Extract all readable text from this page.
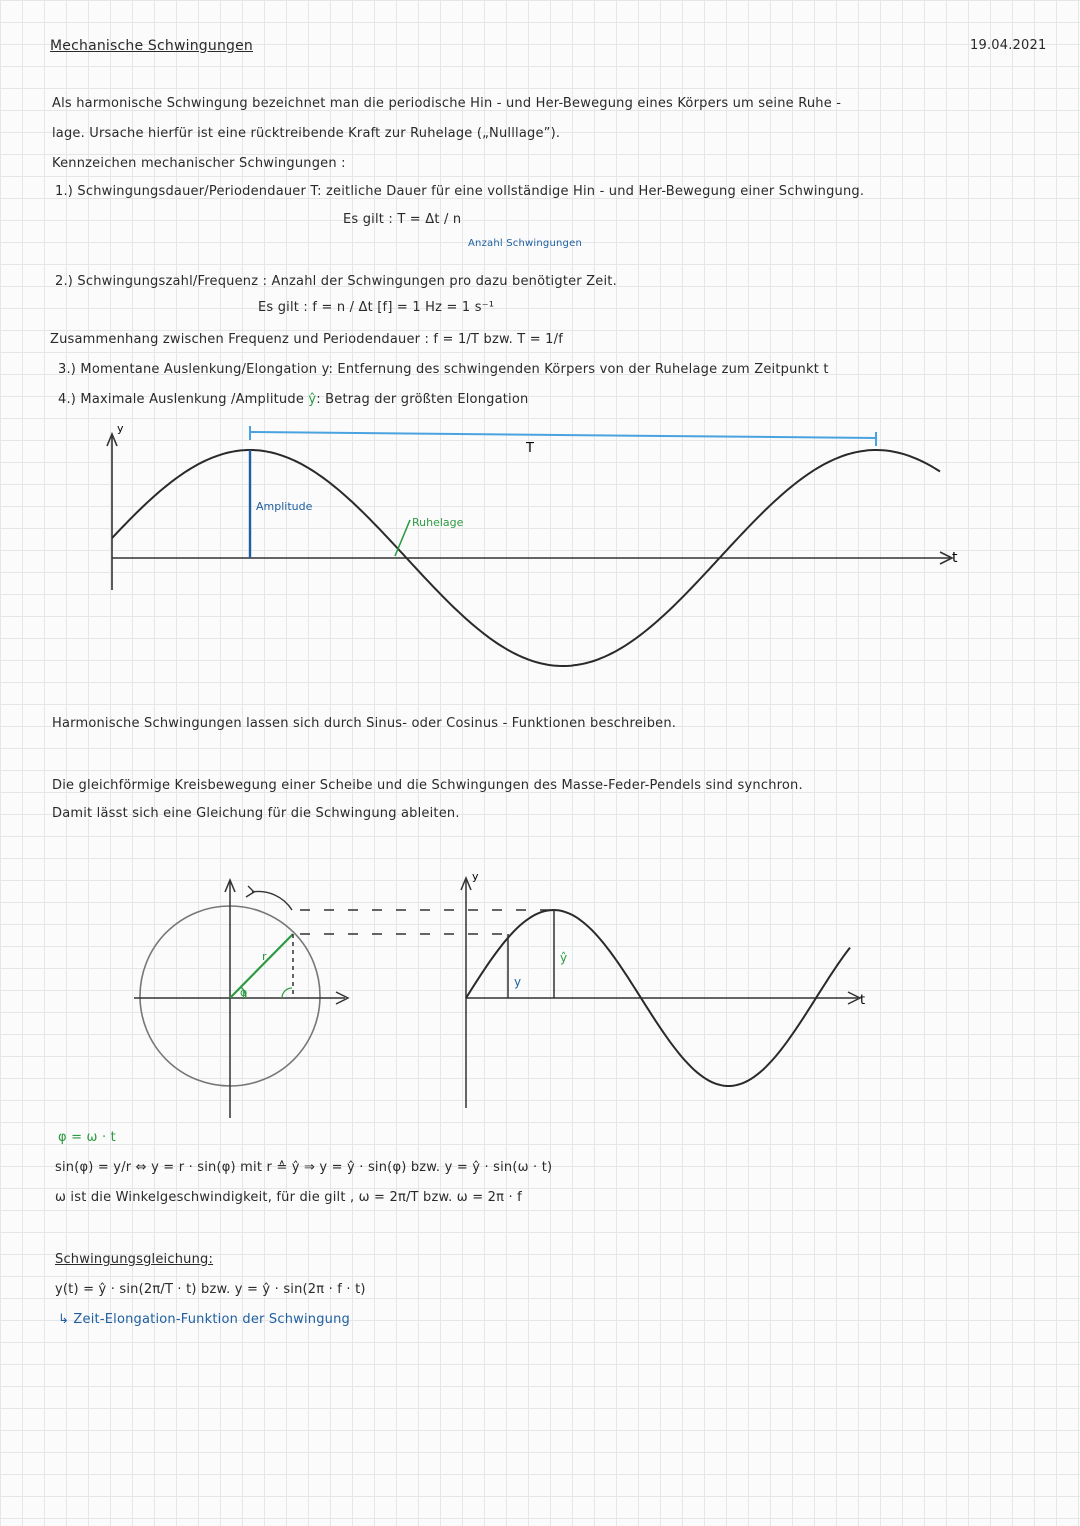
Mechanische Schwingungen	19.04.2021
Als harmonische Schwingung bezeichnet man die periodische Hin - und Her-Bewegung eines Körpers um seine Ruhe -
lage. Ursache hierfür ist eine rücktreibende Kraft zur Ruhelage („Nulllage”).
Kennzeichen mechanischer Schwingungen :
1.) Schwingungsdauer/Periodendauer T: zeitliche Dauer für eine vollständige Hin - und Her-Bewegung einer Schwingung.
Es gilt : T = Δt / n
Anzahl Schwingungen
2.) Schwingungszahl/Frequenz : Anzahl der Schwingungen pro dazu benötigter Zeit.
Es gilt : f = n / Δt [f] = 1 Hz = 1 s⁻¹
Zusammenhang zwischen Frequenz und Periodendauer : f = 1/T bzw. T = 1/f
3.) Momentane Auslenkung/Elongation y: Entfernung des schwingenden Körpers von der Ruhelage zum Zeitpunkt t
4.) Maximale Auslenkung /Amplitude ŷ: Betrag der größten Elongation
y
t
T
Amplitude
Ruhelage
r
φ
y
t
y
ŷ
Harmonische Schwingungen lassen sich durch Sinus- oder Cosinus - Funktionen beschreiben.
Die gleichförmige Kreisbewegung einer Scheibe und die Schwingungen des Masse-Feder-Pendels sind synchron.
Damit lässt sich eine Gleichung für die Schwingung ableiten.
φ = ω · t
sin(φ) = y/r ⇔ y = r · sin(φ) mit r ≙ ŷ ⇒ y = ŷ · sin(φ) bzw. y = ŷ · sin(ω · t)
ω ist die Winkelgeschwindigkeit, für die gilt , ω = 2π/T bzw. ω = 2π · f
Schwingungsgleichung:
y(t) = ŷ · sin(2π/T · t) bzw. y = ŷ · sin(2π · f · t)
↳ Zeit-Elongation-Funktion der Schwingung
